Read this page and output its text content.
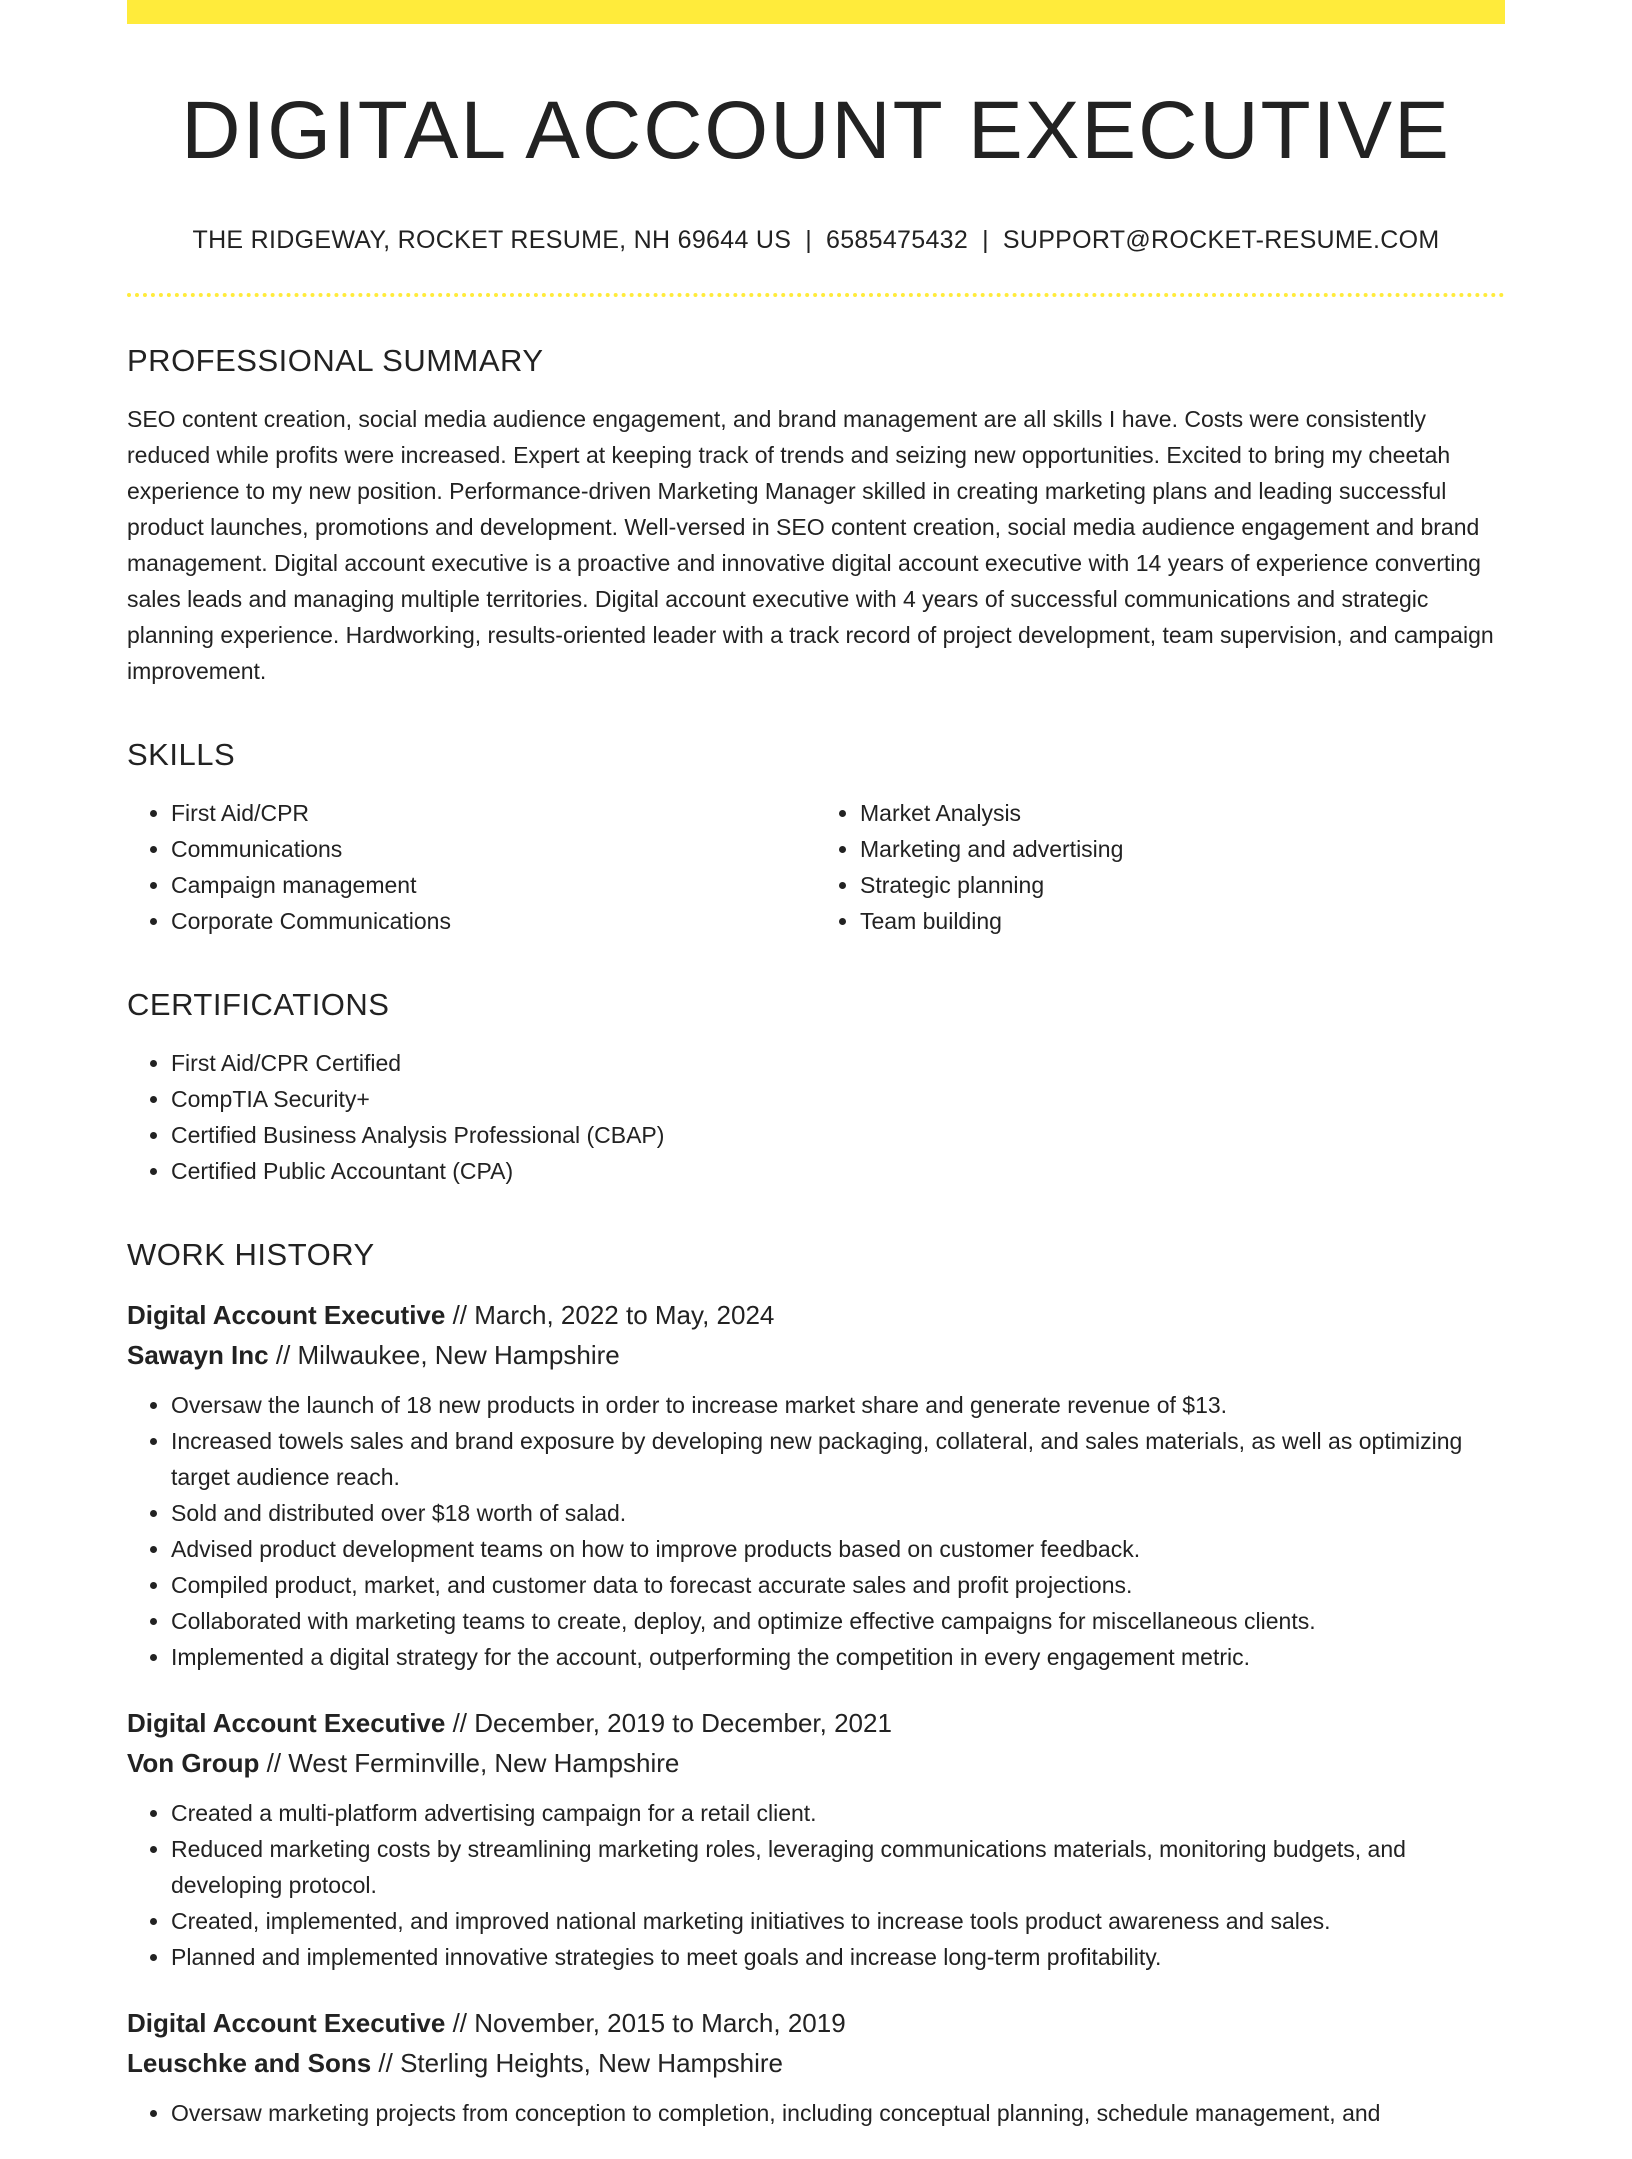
DIGITAL ACCOUNT EXECUTIVE
THE RIDGEWAY, ROCKET RESUME, NH 69644 US | 6585475432 | SUPPORT@ROCKET-RESUME.COM
PROFESSIONAL SUMMARY

SEO content creation, social media audience engagement, and brand management are all skills I have. Costs were consistently reduced while profits were increased. Expert at keeping track of trends and seizing new opportunities. Excited to bring my cheetah experience to my new position. Performance-driven Marketing Manager skilled in creating marketing plans and leading successful product launches, promotions and development. Well-versed in SEO content creation, social media audience engagement and brand management. Digital account executive is a proactive and innovative digital account executive with 14 years of experience converting sales leads and managing multiple territories. Digital account executive with 4 years of successful communications and strategic planning experience. Hardworking, results-oriented leader with a track record of project development, team supervision, and campaign improvement.

SKILLS
• First Aid/CPR
• Communications
• Campaign management
• Corporate Communications
• Market Analysis
• Marketing and advertising
• Strategic planning
• Team building
CERTIFICATIONS
• First Aid/CPR Certified
• CompTIA Security+
• Certified Business Analysis Professional (CBAP)
• Certified Public Accountant (CPA)
WORK HISTORY
Digital Account Executive // March, 2022 to May, 2024
Sawayn Inc // Milwaukee, New Hampshire
• Oversaw the launch of 18 new products in order to increase market share and generate revenue of $13.
• Increased towels sales and brand exposure by developing new packaging, collateral, and sales materials, as well as optimizing target audience reach.
• Sold and distributed over $18 worth of salad.
• Advised product development teams on how to improve products based on customer feedback.
• Compiled product, market, and customer data to forecast accurate sales and profit projections.
• Collaborated with marketing teams to create, deploy, and optimize effective campaigns for miscellaneous clients.
• Implemented a digital strategy for the account, outperforming the competition in every engagement metric.
Digital Account Executive // December, 2019 to December, 2021
Von Group // West Ferminville, New Hampshire
• Created a multi-platform advertising campaign for a retail client.
• Reduced marketing costs by streamlining marketing roles, leveraging communications materials, monitoring budgets, and developing protocol.
• Created, implemented, and improved national marketing initiatives to increase tools product awareness and sales.
• Planned and implemented innovative strategies to meet goals and increase long-term profitability.
Digital Account Executive // November, 2015 to March, 2019
Leuschke and Sons // Sterling Heights, New Hampshire
• Oversaw marketing projects from conception to completion, including conceptual planning, schedule management, and
